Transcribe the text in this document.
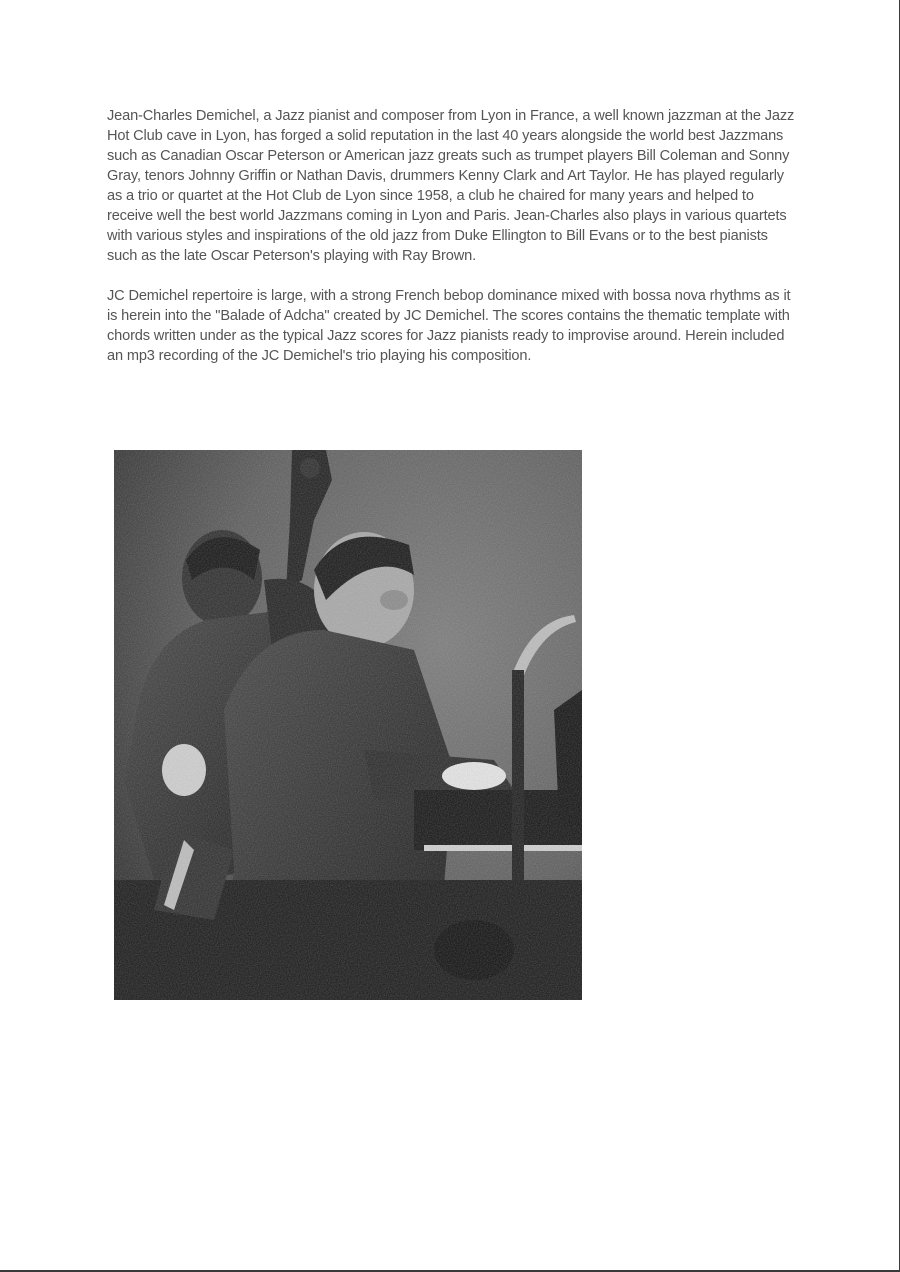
Jean-Charles Demichel, a Jazz pianist and composer from Lyon in France, a well known jazzman at the Jazz Hot Club cave in Lyon, has forged a solid reputation in the last 40 years alongside the world best Jazzmans such as Canadian Oscar Peterson or American jazz greats such as trumpet players Bill Coleman and Sonny Gray, tenors Johnny Griffin or Nathan Davis, drummers Kenny Clark and Art Taylor. He has played regularly as a trio or quartet at the Hot Club de Lyon since 1958, a club he chaired for many years and helped to receive well the best world Jazzmans coming in Lyon and Paris. Jean-Charles also plays in various quartets with various styles and inspirations of the old jazz from Duke Ellington to Bill Evans or to the best pianists such as the late Oscar Peterson's playing with Ray Brown.

JC Demichel repertoire is large, with a strong French bebop dominance mixed with bossa nova rhythms as it is herein into the "Balade of Adcha" created by JC Demichel. The scores contains the thematic template with chords written under as the typical Jazz scores for Jazz pianists ready to improvise around. Herein included an mp3 recording of the JC Demichel's trio playing his composition.
